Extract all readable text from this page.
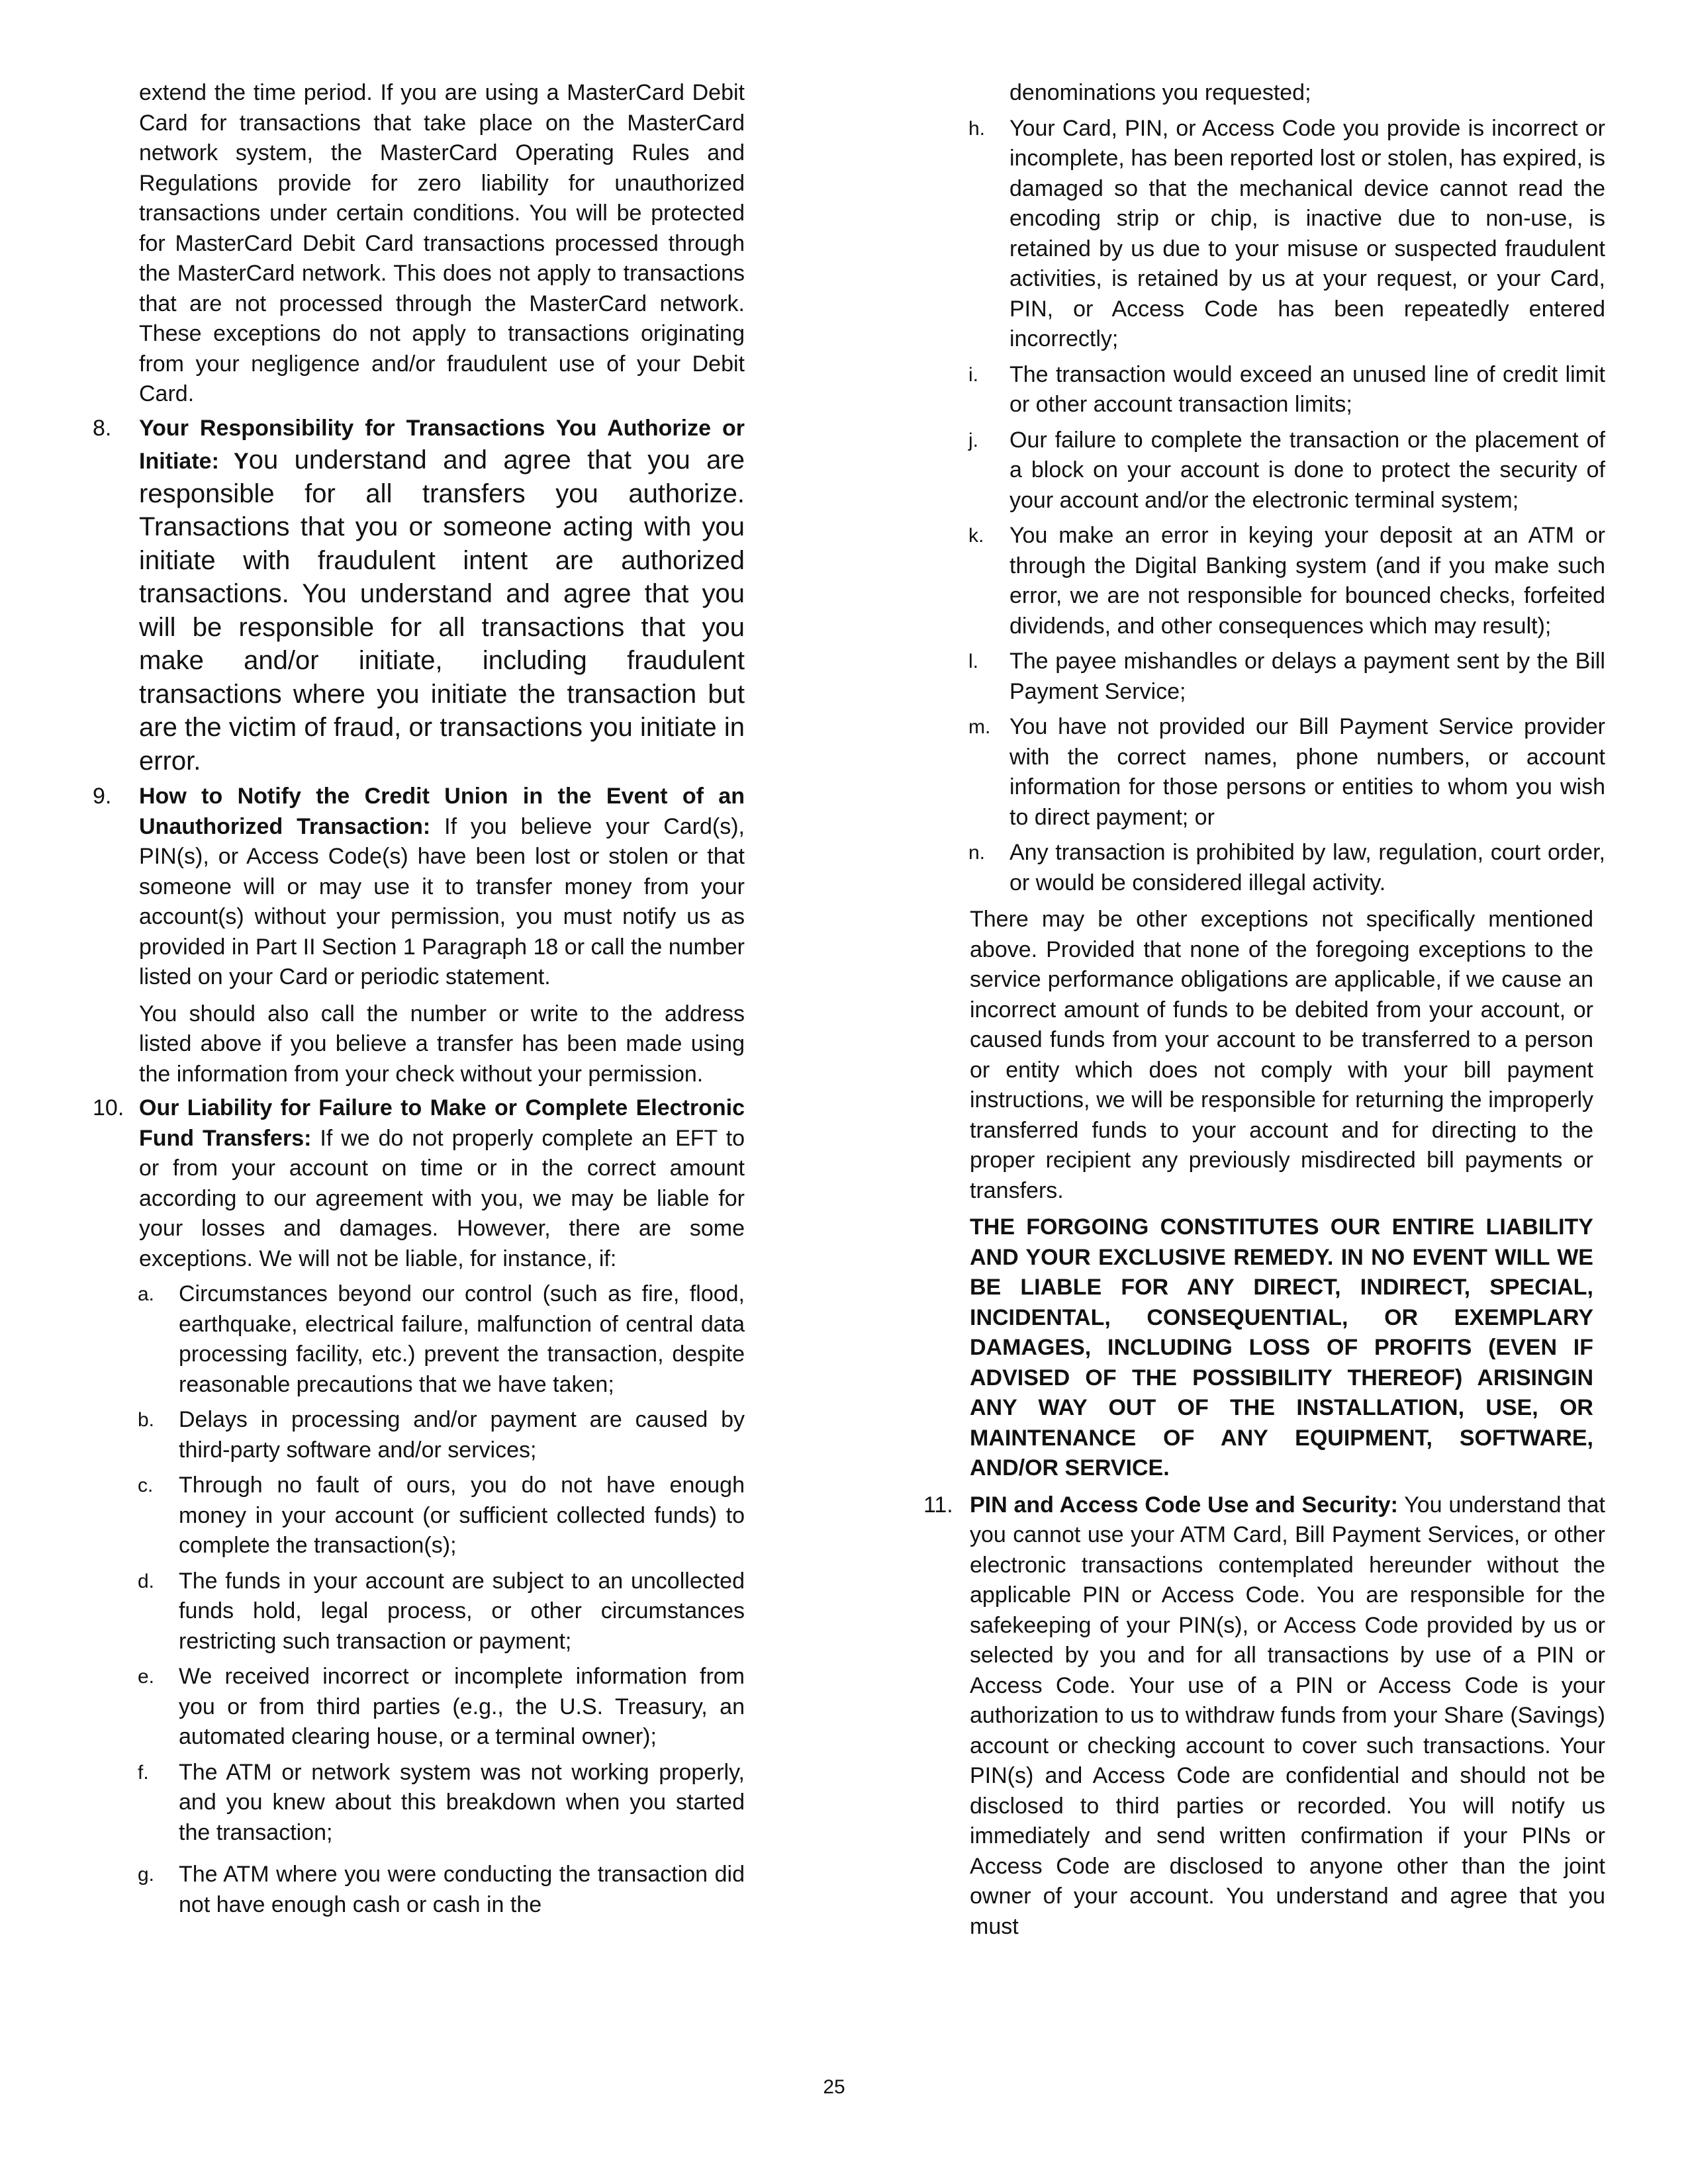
extend the time period. If you are using a MasterCard Debit Card for transactions that take place on the MasterCard network system, the MasterCard Operating Rules and Regulations provide for zero liability for unauthorized transactions under certain conditions. You will be protected for MasterCard Debit Card transactions processed through the MasterCard network. This does not apply to transactions that are not processed through the MasterCard network. These exceptions do not apply to transactions originating from your negligence and/or fraudulent use of your Debit Card.

8.	Your Responsibility for Transactions You Authorize or Initiate: You understand and agree that you are responsible for all transfers you authorize. Transactions that you or someone acting with you initiate with fraudulent intent are authorized transactions. You understand and agree that you will be responsible for all transactions that you make and/or initiate, including fraudulent transactions where you initiate the transaction but are the victim of fraud, or transactions you initiate in error.
9.	How to Notify the Credit Union in the Event of an Unauthorized Transaction: If you believe your Card(s), PIN(s), or Access Code(s) have been lost or stolen or that someone will or may use it to transfer money from your account(s) without your permission, you must notify us as provided in Part II Section 1 Paragraph 18 or call the number listed on your Card or periodic statement.

You should also call the number or write to the address listed above if you believe a transfer has been made using the information from your check without your permission.

10. Our Liability for Failure to Make or Complete Electronic Fund Transfers: If we do not properly complete an EFT to or from your account on time or in the correct amount according to our agreement with you, we may be liable for your losses and damages. However, there are some exceptions. We will not be liable, for instance, if:
a. Circumstances beyond our control (such as fire, flood, earthquake, electrical failure, malfunction of central data processing facility, etc.) prevent the transaction, despite reasonable precautions that we have taken;
b. Delays in processing and/or payment are caused by third-party software and/or services;
c. Through no fault of ours, you do not have enough money in your account (or sufficient collected funds) to complete the transaction(s);
d. The funds in your account are subject to an uncollected funds hold, legal process, or other circumstances restricting such transaction or payment;
e. We received incorrect or incomplete information from you or from third parties (e.g., the U.S. Treasury, an automated clearing house, or a terminal owner);
f. The ATM or network system was not working properly, and you knew about this breakdown when you started the transaction;
g. The ATM where you were conducting the transaction did not have enough cash or cash in the

denominations you requested;

h. Your Card, PIN, or Access Code you provide is incorrect or incomplete, has been reported lost or stolen, has expired, is damaged so that the mechanical device cannot read the encoding strip or chip, is inactive due to non-use, is retained by us due to your misuse or suspected fraudulent activities, is retained by us at your request, or your Card, PIN, or Access Code has been repeatedly entered incorrectly;
i. The transaction would exceed an unused line of credit limit or other account transaction limits;
j. Our failure to complete the transaction or the placement of a block on your account is done to protect the security of your account and/or the electronic terminal system;
k. You make an error in keying your deposit at an ATM or through the Digital Banking system (and if you make such error, we are not responsible for bounced checks, forfeited dividends, and other consequences which may result);
l. The payee mishandles or delays a payment sent by the Bill Payment Service;
m. You have not provided our Bill Payment Service provider with the correct names, phone numbers, or account information for those persons or entities to whom you wish to direct payment; or
n. Any transaction is prohibited by law, regulation, court order, or would be considered illegal activity.

There may be other exceptions not specifically mentioned above. Provided that none of the foregoing exceptions to the service performance obligations are applicable, if we cause an incorrect amount of funds to be debited from your account, or caused funds from your account to be transferred to a person or entity which does not comply with your bill payment instructions, we will be responsible for returning the improperly transferred funds to your account and for directing to the proper recipient any previously misdirected bill payments or transfers.

THE FORGOING CONSTITUTES OUR ENTIRE LIABILITY AND YOUR EXCLUSIVE REMEDY. IN NO EVENT WILL WE BE LIABLE FOR ANY DIRECT, INDIRECT, SPECIAL, INCIDENTAL, CONSEQUENTIAL, OR EXEMPLARY DAMAGES, INCLUDING LOSS OF PROFITS (EVEN IF ADVISED OF THE POSSIBILITY THEREOF) ARISINGIN ANY WAY OUT OF THE INSTALLATION, USE, OR MAINTENANCE OF ANY EQUIPMENT, SOFTWARE, AND/OR SERVICE.

11. PIN and Access Code Use and Security: You understand that you cannot use your ATM Card, Bill Payment Services, or other electronic transactions contemplated hereunder without the applicable PIN or Access Code. You are responsible for the safekeeping of your PIN(s), or Access Code provided by us or selected by you and for all transactions by use of a PIN or Access Code. Your use of a PIN or Access Code is your authorization to us to withdraw funds from your Share (Savings) account or checking account to cover such transactions. Your PIN(s) and Access Code are confidential and should not be disclosed to third parties or recorded. You will notify us immediately and send written confirmation if your PINs or Access Code are disclosed to anyone other than the joint owner of your account. You understand and agree that you must
25
